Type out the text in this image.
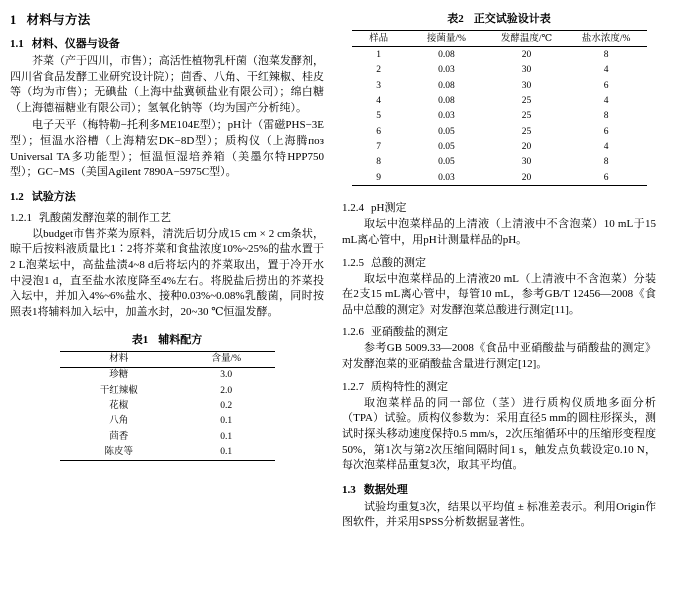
1 材料与方法
1.1 材料、仪器与设备

芥菜（产于四川，市售）；高活性植物乳杆菌（泡菜发酵剂，四川省食品发酵工业研究设计院）；茴香、八角、干红辣椒、桂皮等（均为市售）；无碘盐（上海中盐冀顿盐业有限公司）；绵白糖（上海德福糖业有限公司）；氢氧化钠等（均为国产分析纯）。

电子天平（梅特勒−托利多ME104E型）；pH计（雷磁PHS−3E型）；恒温水浴槽（上海精宏DK−8D型）；质构仪（上海腾поз Universal TA多功能型）；恒温恒湿培养箱（美墨尔特HPP750型）；GC−MS（美国Agilent 7890A−5975C型）。

1.2 试验方法
1.2.1 乳酸菌发酵泡菜的制作工艺

以budget市售芥菜为原料，清洗后切分成15 cm × 2 cm条状，晾干后按料液质量比1∶2将芥菜和食盐浓度10%~25%的盐水置于2 L泡菜坛中，高盐盐渍4~8 d后将坛内的芥菜取出，置于冷开水中浸泡1 d，直至盐水浓度降至4%左右。将脱盐后捞出的芥菜投入坛中，并加入4%~6%盐水、接种0.03%~0.08%乳酸菌，同时按照表1将辅料加入坛中，加盖水封，20~30 ℃恒温发酵。

表1 辅料配方
材料	含量/%
珍糖	3.0
干红辣椒	2.0
花椒	0.2
八角	0.1
茴香	0.1
陈皮等	0.1
表2 正交试验设计表
样品	接菌量/%	发酵温度/℃	盐水浓度/%
1	0.08	20	8
2	0.03	30	4
3	0.08	30	6
4	0.08	25	4
5	0.03	25	8
6	0.05	25	6
7	0.05	20	4
8	0.05	30	8
9	0.03	20	6
1.2.4 pH测定

取坛中泡菜样品的上清液（上清液中不含泡菜）10 mL于15 mL离心管中，用pH计测量样品的pH。

1.2.5 总酸的测定

取坛中泡菜样品的上清液20 mL（上清液中不含泡菜）分装在2支15 mL离心管中，每管10 mL，参考GB/T 12456—2008《食品中总酸的测定》对发酵泡菜总酸进行测定[11]。

1.2.6 亚硝酸盐的测定

参考GB 5009.33—2008《食品中亚硝酸盐与硝酸盐的测定》对发酵泡菜的亚硝酸盐含量进行测定[12]。

1.2.7 质构特性的测定

取泡菜样品的同一部位（茎）进行质构仪质地多面分析（TPA）试验。质构仪参数为：采用直径5 mm的圆柱形探头，测试时探头移动速度保持0.5 mm/s，2次压缩循环中的压缩形变程度50%，第1次与第2次压缩间隔时间1 s，触发点负载设定0.10 N，每次泡菜样品重复3次，取其平均值。

1.3 数据处理

试验均重复3次，结果以平均值 ± 标准差表示。利用Origin作图软件，并采用SPSS分析数据显著性。
